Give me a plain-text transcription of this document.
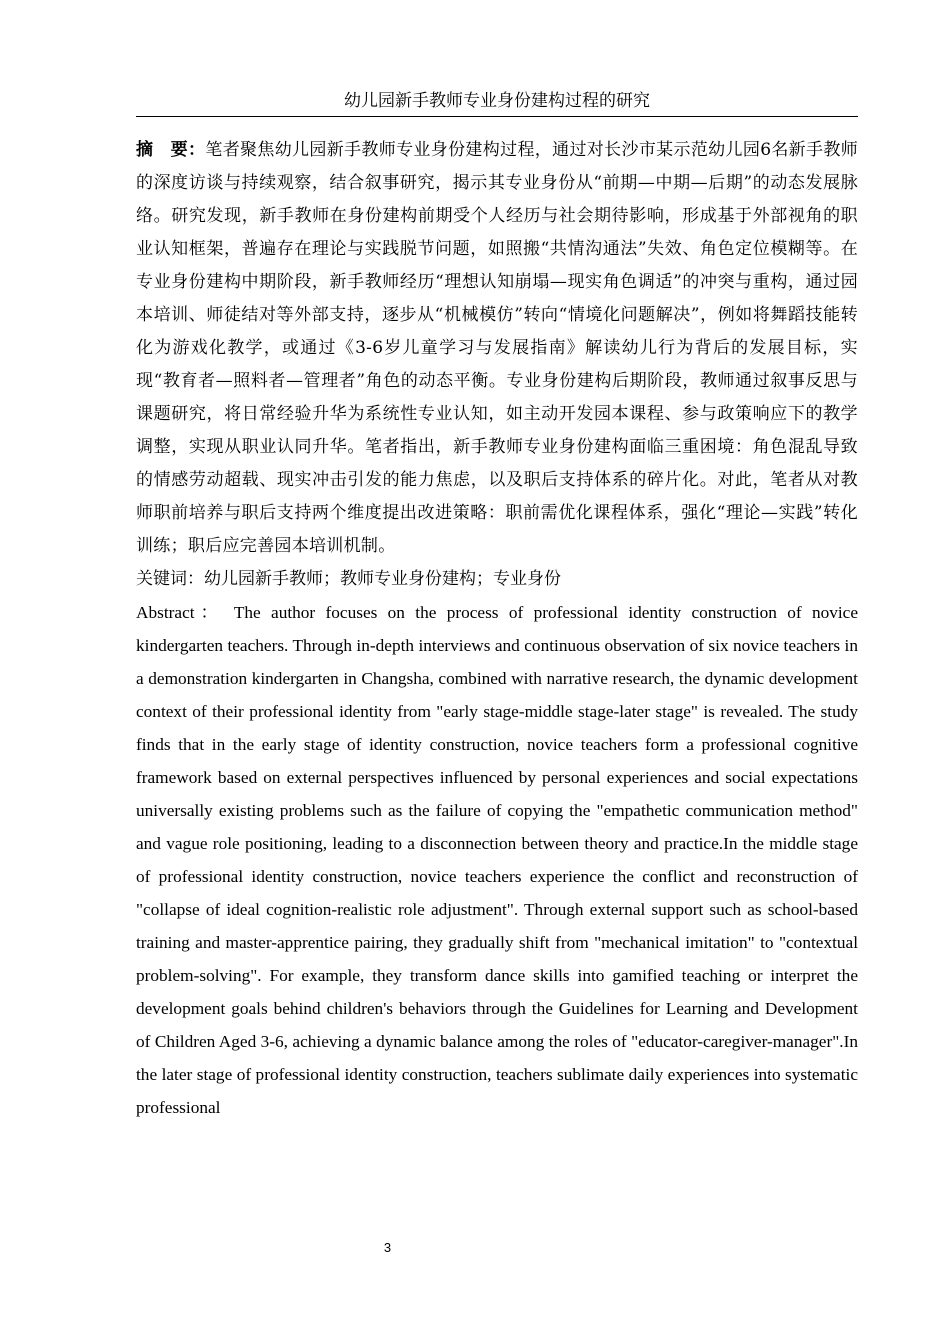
幼儿园新手教师专业身份建构过程的研究

摘　要：笔者聚焦幼儿园新手教师专业身份建构过程，通过对长沙市某示范幼儿园6名新手教师的深度访谈与持续观察，结合叙事研究，揭示其专业身份从“前期—中期—后期”的动态发展脉络。研究发现，新手教师在身份建构前期受个人经历与社会期待影响，形成基于外部视角的职业认知框架，普遍存在理论与实践脱节问题，如照搬“共情沟通法”失效、角色定位模糊等。在专业身份建构中期阶段，新手教师经历“理想认知崩塌—现实角色调适”的冲突与重构，通过园本培训、师徒结对等外部支持，逐步从“机械模仿”转向“情境化问题解决”，例如将舞蹈技能转化为游戏化教学，或通过《3-6岁儿童学习与发展指南》解读幼儿行为背后的发展目标，实现“教育者—照料者—管理者”角色的动态平衡。专业身份建构后期阶段，教师通过叙事反思与课题研究，将日常经验升华为系统性专业认知，如主动开发园本课程、参与政策响应下的教学调整，实现从职业认同升华。笔者指出，新手教师专业身份建构面临三重困境：角色混乱导致的情感劳动超载、现实冲击引发的能力焦虑，以及职后支持体系的碎片化。对此，笔者从对教师职前培养与职后支持两个维度提出改进策略：职前需优化课程体系，强化“理论—实践”转化训练；职后应完善园本培训机制。

关键词：幼儿园新手教师；教师专业身份建构；专业身份

Abstract： The author focuses on the process of professional identity construction of novice kindergarten teachers. Through in-depth interviews and continuous observation of six novice teachers in a demonstration kindergarten in Changsha, combined with narrative research, the dynamic development context of their professional identity from "early stage-middle stage-later stage" is revealed. The study finds that in the early stage of identity construction, novice teachers form a professional cognitive framework based on external perspectives influenced by personal experiences and social expectations universally existing problems such as the failure of copying the "empathetic communication method" and vague role positioning, leading to a disconnection between theory and practice.In the middle stage of professional identity construction, novice teachers experience the conflict and reconstruction of "collapse of ideal cognition-realistic role adjustment". Through external support such as school-based training and master-apprentice pairing, they gradually shift from "mechanical imitation" to "contextual problem-solving". For example, they transform dance skills into gamified teaching or interpret the development goals behind children's behaviors through the Guidelines for Learning and Development of Children Aged 3-6, achieving a dynamic balance among the roles of "educator-caregiver-manager".In the later stage of professional identity construction, teachers sublimate daily experiences into systematic professional

3
